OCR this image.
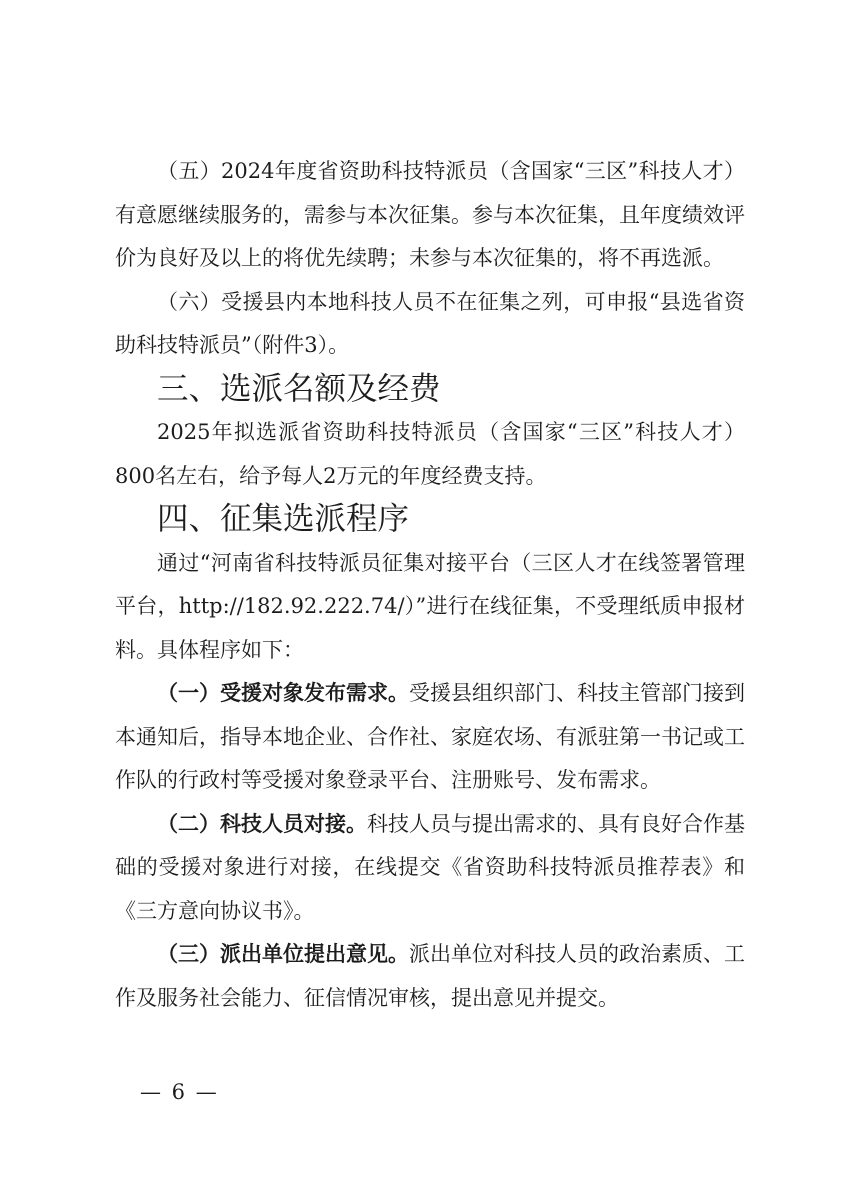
（五）2024年度省资助科技特派员（含国家“三区”科技人才）有意愿继续服务的，需参与本次征集。参与本次征集，且年度绩效评价为良好及以上的将优先续聘；未参与本次征集的，将不再选派。

（六）受援县内本地科技人员不在征集之列，可申报“县选省资助科技特派员”（附件3）。

三、选派名额及经费

2025年拟选派省资助科技特派员（含国家“三区”科技人才）800名左右，给予每人2万元的年度经费支持。

四、征集选派程序

通过“河南省科技特派员征集对接平台（三区人才在线签署管理平台，http://182.92.222.74/）”进行在线征集，不受理纸质申报材料。具体程序如下：

（一）受援对象发布需求。受援县组织部门、科技主管部门接到本通知后，指导本地企业、合作社、家庭农场、有派驻第一书记或工作队的行政村等受援对象登录平台、注册账号、发布需求。

（二）科技人员对接。科技人员与提出需求的、具有良好合作基础的受援对象进行对接，在线提交《省资助科技特派员推荐表》和《三方意向协议书》。

（三）派出单位提出意见。派出单位对科技人员的政治素质、工作及服务社会能力、征信情况审核，提出意见并提交。

— 6 —
